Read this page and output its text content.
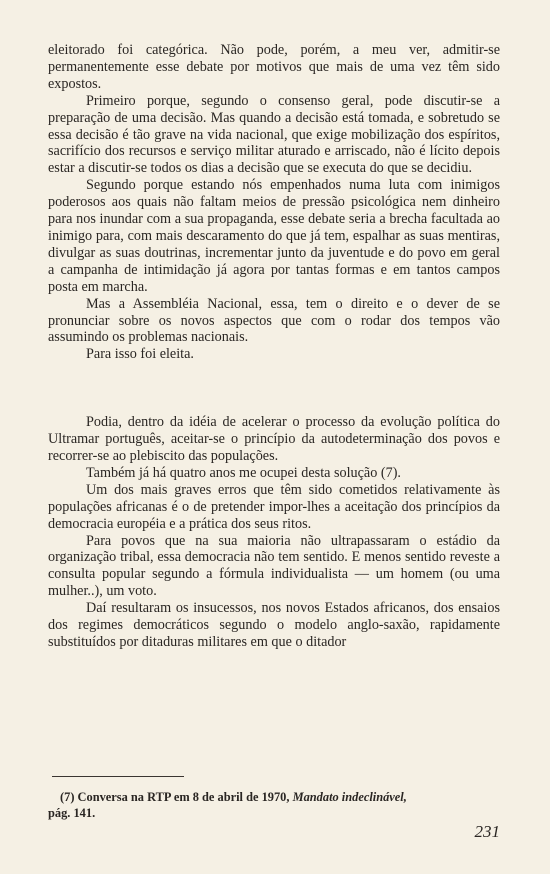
eleitorado foi categórica. Não pode, porém, a meu ver, admitir-se permanentemente esse debate por motivos que mais de uma vez têm sido expostos.

Primeiro porque, segundo o consenso geral, pode discutir-se a preparação de uma decisão. Mas quando a decisão está tomada, e sobretudo se essa decisão é tão grave na vida nacional, que exige mobilização dos espíritos, sacrifício dos recursos e serviço militar aturado e arriscado, não é lícito depois estar a discutir-se todos os dias a decisão que se executa do que se decidiu.

Segundo porque estando nós empenhados numa luta com inimigos poderosos aos quais não faltam meios de pressão psicológica nem dinheiro para nos inundar com a sua propaganda, esse debate seria a brecha facultada ao inimigo para, com mais descaramento do que já tem, espalhar as suas mentiras, divulgar as suas doutrinas, incrementar junto da juventude e do povo em geral a campanha de intimidação já agora por tantas formas e em tantos campos posta em marcha.

Mas a Assembléia Nacional, essa, tem o direito e o dever de se pronunciar sobre os novos aspectos que com o rodar dos tempos vão assumindo os problemas nacionais.

Para isso foi eleita.

Podia, dentro da idéia de acelerar o processo da evolução política do Ultramar português, aceitar-se o princípio da autodeterminação dos povos e recorrer-se ao plebiscito das populações.

Também já há quatro anos me ocupei desta solução (7).

Um dos mais graves erros que têm sido cometidos relativamente às populações africanas é o de pretender impor-lhes a aceitação dos princípios da democracia européia e a prática dos seus ritos.

Para povos que na sua maioria não ultrapassaram o estádio da organização tribal, essa democracia não tem sentido. E menos sentido reveste a consulta popular segundo a fórmula individualista — um homem (ou uma mulher..), um voto.

Daí resultaram os insucessos, nos novos Estados africanos, dos ensaios dos regimes democráticos segundo o modelo anglo-saxão, rapidamente substituídos por ditaduras militares em que o ditador

(7) Conversa na RTP em 8 de abril de 1970, Mandato indeclinável,
pág. 141.

231
